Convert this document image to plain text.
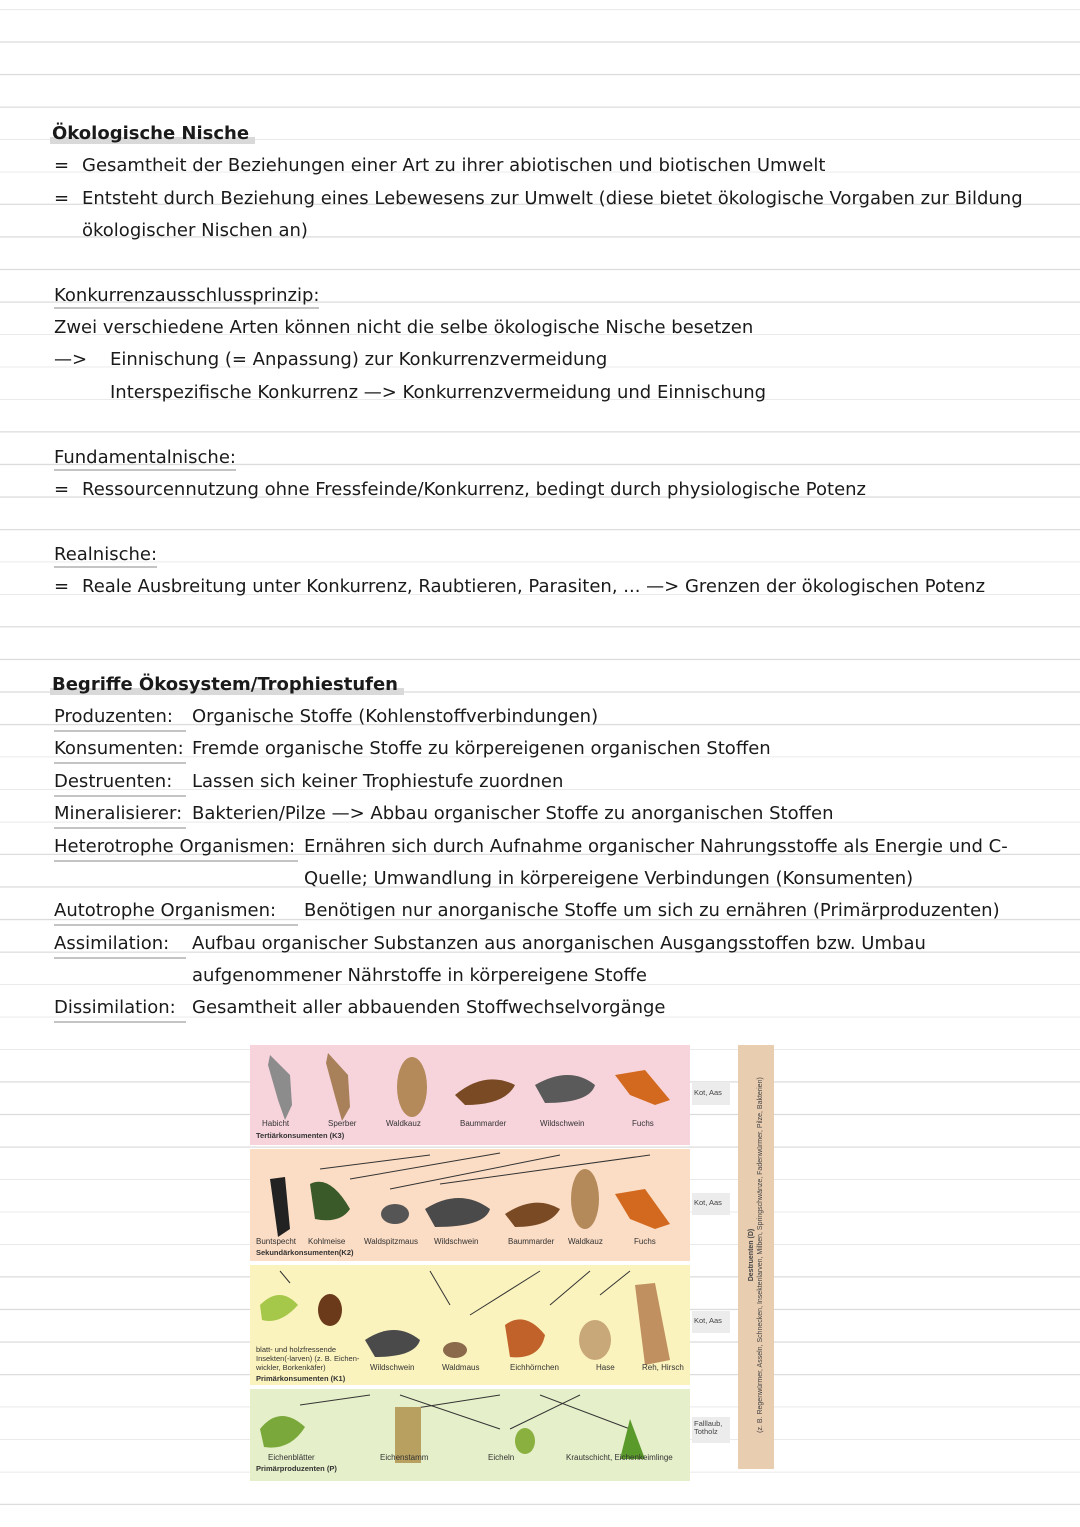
Ökologische Nische
= Gesamtheit der Beziehungen einer Art zu ihrer abiotischen und biotischen Umwelt
= Entsteht durch Beziehung eines Lebewesens zur Umwelt (diese bietet ökologische Vorgaben zur Bildung
ökologischer Nischen an)
Konkurrenzausschlussprinzip:
Zwei verschiedene Arten können nicht die selbe ökologische Nische besetzen
—> Einnischung (= Anpassung) zur Konkurrenzvermeidung
Interspezifische Konkurrenz —> Konkurrenzvermeidung und Einnischung
Fundamentalnische:
= Ressourcennutzung ohne Fressfeinde/Konkurrenz, bedingt durch physiologische Potenz
Realnische:
= Reale Ausbreitung unter Konkurrenz, Raubtieren, Parasiten, ... —> Grenzen der ökologischen Potenz
Begriffe Ökosystem/Trophiestufen
Produzenten: Organische Stoffe (Kohlenstoffverbindungen)
Konsumenten: Fremde organische Stoffe zu körpereigenen organischen Stoffen
Destruenten: Lassen sich keiner Trophiestufe zuordnen
Mineralisierer: Bakterien/Pilze —> Abbau organischer Stoffe zu anorganischen Stoffen
Heterotrophe Organismen: Ernähren sich durch Aufnahme organischer Nahrungsstoffe als Energie und C-
Quelle; Umwandlung in körpereigene Verbindungen (Konsumenten)
Autotrophe Organismen: Benötigen nur anorganische Stoffe um sich zu ernähren (Primärproduzenten)
Assimilation: Aufbau organischer Substanzen aus anorganischen Ausgangsstoffen bzw. Umbau
aufgenommener Nährstoffe in körpereigene Stoffe
Dissimilation: Gesamtheit aller abbauenden Stoffwechselvorgänge
Habicht	Sperber	Waldkauz	Baummarder	Wildschwein	Fuchs
Tertiärkonsumenten (K3)
Kot, Aas
Buntspecht Kohlmeise Waldspitzmaus Wildschwein	Baummarder Waldkauz	Fuchs
Sekundärkonsumenten(K2)
Kot, Aas
blatt- und holzfressende Insekten(-larven) (z. B. Eichen-wickler, Borkenkäfer)	Wildschwein	Waldmaus	Eichhörnchen	Hase	Reh, Hirsch
Primärkonsumenten (K1)
Kot, Aas
Eichenblätter	Eichenstamm	Eicheln	Krautschicht, Eichenkeimlinge
Primärproduzenten (P)
Falllaub, Totholz
Destruenten (D) (z. B. Regenwürmer, Asseln, Schnecken, Insektenlarven, Milben, Springschwänze, Fadenwürmer, Pilze, Bakterien)
